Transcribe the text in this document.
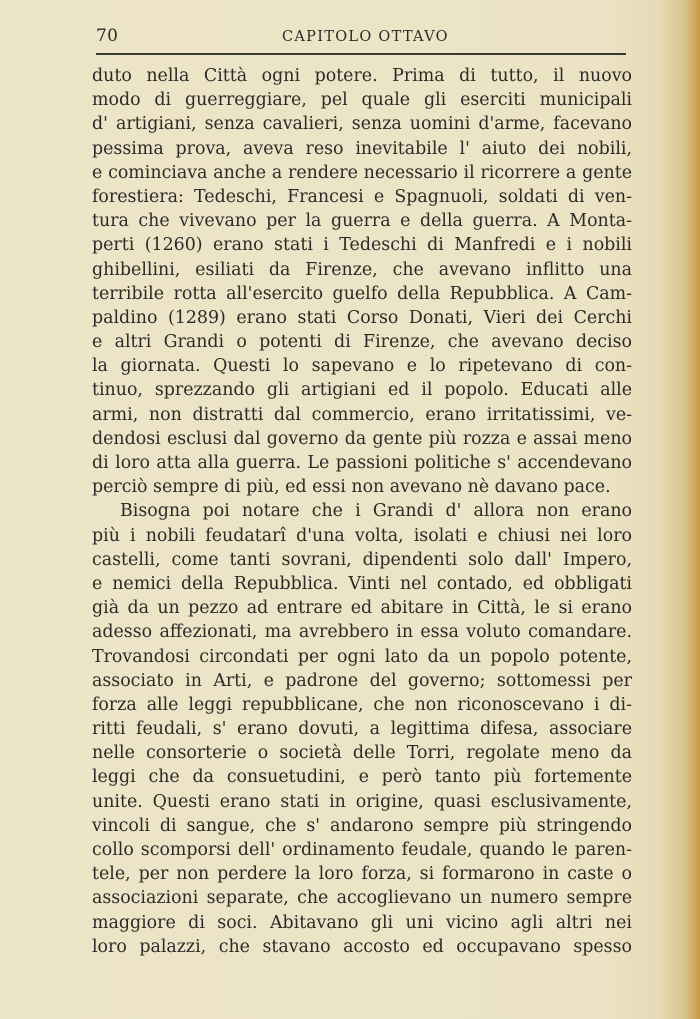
70	CAPITOLO OTTAVO
duto nella Città ogni potere. Prima di tutto, il nuovo
modo di guerreggiare, pel quale gli eserciti municipali
d' artigiani, senza cavalieri, senza uomini d'arme, facevano
pessima prova, aveva reso inevitabile l' aiuto dei nobili,
e cominciava anche a rendere necessario il ricorrere a gente
forestiera: Tedeschi, Francesi e Spagnuoli, soldati di ven-
tura che vivevano per la guerra e della guerra. A Monta-
perti (1260) erano stati i Tedeschi di Manfredi e i nobili
ghibellini, esiliati da Firenze, che avevano inflitto una
terribile rotta all'esercito guelfo della Repubblica. A Cam-
paldino (1289) erano stati Corso Donati, Vieri dei Cerchi
e altri Grandi o potenti di Firenze, che avevano deciso
la giornata. Questi lo sapevano e lo ripetevano di con-
tinuo, sprezzando gli artigiani ed il popolo. Educati alle
armi, non distratti dal commercio, erano irritatissimi, ve-
dendosi esclusi dal governo da gente più rozza e assai meno
di loro atta alla guerra. Le passioni politiche s' accendevano
perciò sempre di più, ed essi non avevano nè davano pace.
Bisogna poi notare che i Grandi d' allora non erano
più i nobili feudatarî d'una volta, isolati e chiusi nei loro
castelli, come tanti sovrani, dipendenti solo dall' Impero,
e nemici della Repubblica. Vinti nel contado, ed obbligati
già da un pezzo ad entrare ed abitare in Città, le si erano
adesso affezionati, ma avrebbero in essa voluto comandare.
Trovandosi circondati per ogni lato da un popolo potente,
associato in Arti, e padrone del governo; sottomessi per
forza alle leggi repubblicane, che non riconoscevano i di-
ritti feudali, s' erano dovuti, a legittima difesa, associare
nelle consorterie o società delle Torri, regolate meno da
leggi che da consuetudini, e però tanto più fortemente
unite. Questi erano stati in origine, quasi esclusivamente,
vincoli di sangue, che s' andarono sempre più stringendo
collo scomporsi dell' ordinamento feudale, quando le paren-
tele, per non perdere la loro forza, si formarono in caste o
associazioni separate, che accoglievano un numero sempre
maggiore di soci. Abitavano gli uni vicino agli altri nei
loro palazzi, che stavano accosto ed occupavano spesso
